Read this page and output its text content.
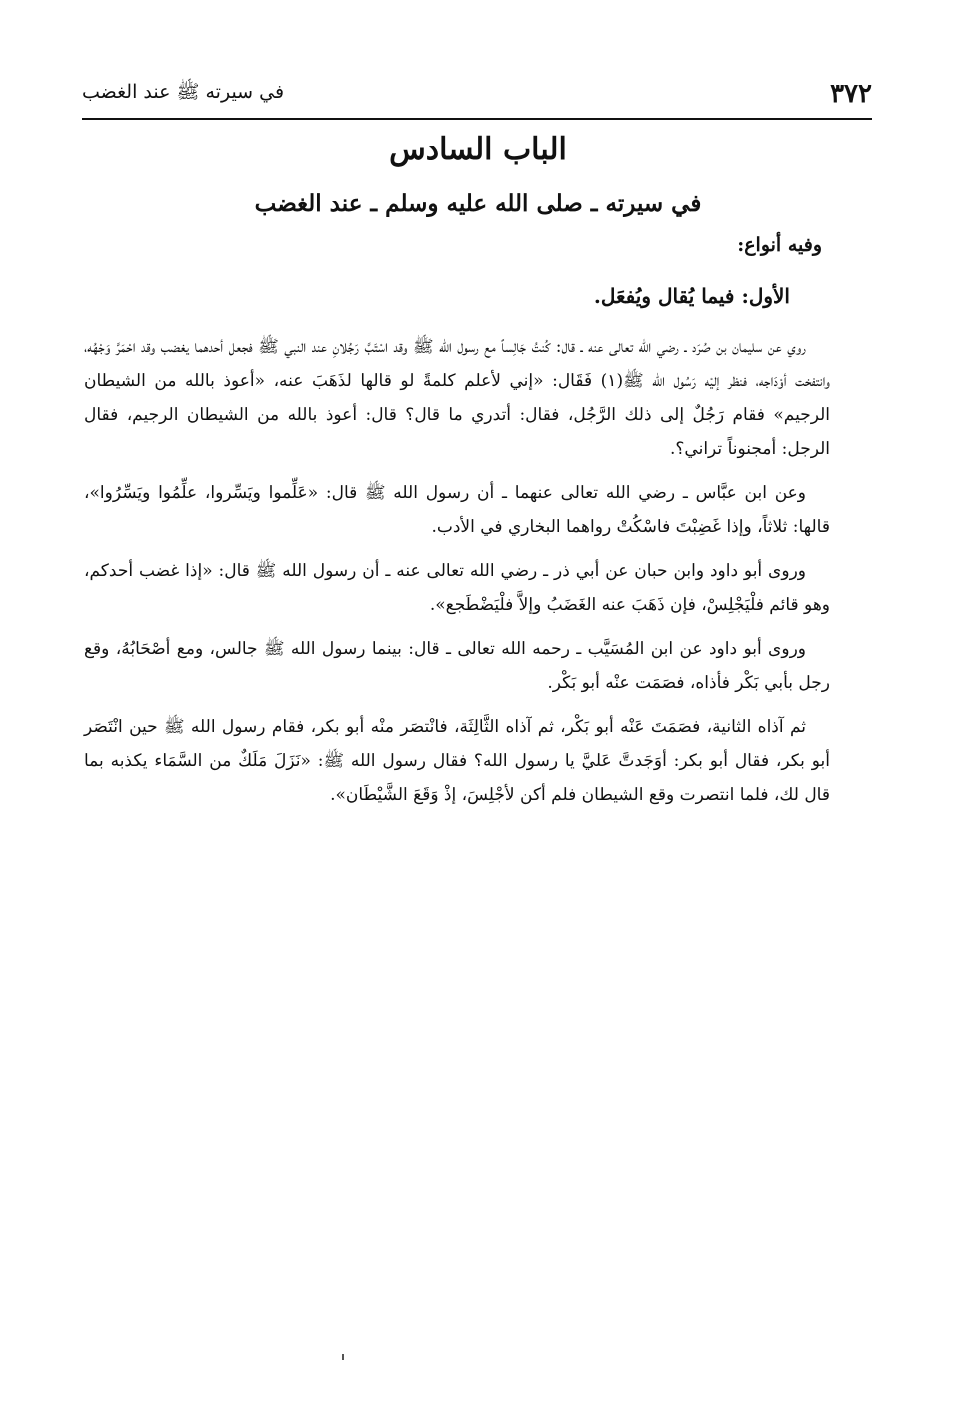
٣٧٢
في سيرته ﷺ عند الغضب
الباب السادس
في سيرته ـ صلى الله عليه وسلم ـ عند الغضب
وفيه أنواع:
الأول: فيما يُقال ويُفعَل.

روي عن سليمان بن صُرَد ـ رضي الله تعالى عنه ـ قال: كُنتُ جَالِساً مع رسول الله ﷺ وقد اسْتَبَّ رَجُلانِ عند النبي ﷺ فجعل أحدهما يغضب وقد احْمَرَّ وَجْهُه، وانتفخت أوْدَاجه، فنظر إليْه رَسُول الله ﷺ(١) فَقَال: «إني لأعلم كلمةً لو قالها لذَهَبَ عنه، «أعوذ بالله من الشيطان الرجيم» فقام رَجُلٌ إلى ذلك الرَّجُل، فقال: أتدري ما قال؟ قال: أعوذ بالله من الشيطان الرجيم، فقال الرجل: أمجنوناً تراني؟.

وعن ابن عبَّاس ـ رضي الله تعالى عنهما ـ أن رسول الله ﷺ قال: «عَلِّموا ويَسِّروا، علِّمُوا ويَسِّرُوا»، قالها: ثلاثاً، وإذا غَضِبْتَ فاسْكُتْ رواهما البخاري في الأدب.

وروى أبو داود وابن حبان عن أبي ذر ـ رضي الله تعالى عنه ـ أن رسول الله ﷺ قال: «إذا غضب أحدكم، وهو قائم فلْيَجْلِسْ، فإن ذَهَبَ عنه الغَضَبُ وإلاَّ فلْيَضْطَجع».

وروى أبو داود عن ابن المُسَيَّب ـ رحمه الله تعالى ـ قال: بينما رسول الله ﷺ جالس، ومع أصْحَابُهُ، وقع رجل بأبي بَكْر فأذاه، فصَمَت عنْه أبو بَكْر.

ثم آذاه الثانية، فصَمَتَ عَنْه أبو بَكْر، ثم آذاه الثَّالِثَة، فانْتصَر منْه أبو بكر، فقام رسول الله ﷺ حين انْتَصَر أبو بكر، فقال أبو بكر: أوَجَدتَّ عَليَّ يا رسول الله؟ فقال رسول الله ﷺ: «نَزَلَ مَلَكٌ من السَّمَاء يكذبه بما قال لك، فلما انتصرت وقع الشيطان فلم أكن لأجْلِسَ، إذْ وَقَعَ الشَّيْطَان».
